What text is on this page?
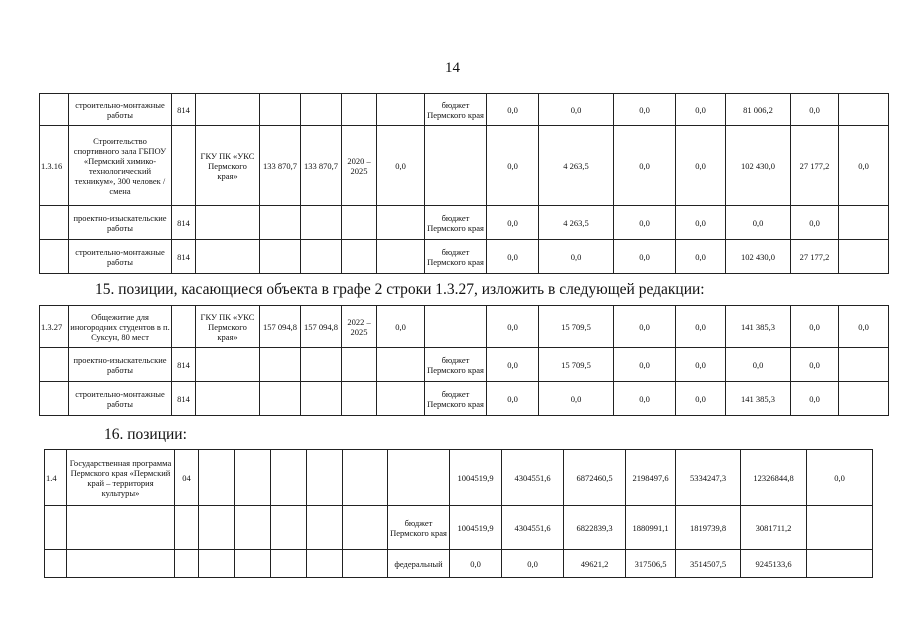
14
	строительно-монтажные работы	814						бюджет Пермского края	0,0	0,0	0,0	0,0	81 006,2	0,0	
1.3.16	Строительство спортивного зала ГБПОУ «Пермский химико-технологический техникум», 300 человек / смена		ГКУ ПК «УКС Пермского края»	133 870,7	133 870,7	2020 – 2025	0,0		0,0	4 263,5	0,0	0,0	102 430,0	27 177,2	0,0
	проектно-изыскательские работы	814						бюджет Пермского края	0,0	4 263,5	0,0	0,0	0,0	0,0	
	строительно-монтажные работы	814						бюджет Пермского края	0,0	0,0	0,0	0,0	102 430,0	27 177,2	
15. позиции, касающиеся объекта в графе 2 строки 1.3.27, изложить в следующей редакции:
1.3.27	Общежитие для иногородних студентов в п. Суксун, 80 мест		ГКУ ПК «УКС Пермского края»	157 094,8	157 094,8	2022 – 2025	0,0		0,0	15 709,5	0,0	0,0	141 385,3	0,0	0,0
	проектно-изыскательские работы	814						бюджет Пермского края	0,0	15 709,5	0,0	0,0	0,0	0,0	
	строительно-монтажные работы	814						бюджет Пермского края	0,0	0,0	0,0	0,0	141 385,3	0,0	
16. позиции:
1.4	Государственная программа Пермского края «Пермский край – территория культуры»	04							1004519,9	4304551,6	6872460,5	2198497,6	5334247,3	12326844,8	0,0
								бюджет Пермского края	1004519,9	4304551,6	6822839,3	1880991,1	1819739,8	3081711,2	
								федеральный	0,0	0,0	49621,2	317506,5	3514507,5	9245133,6	
